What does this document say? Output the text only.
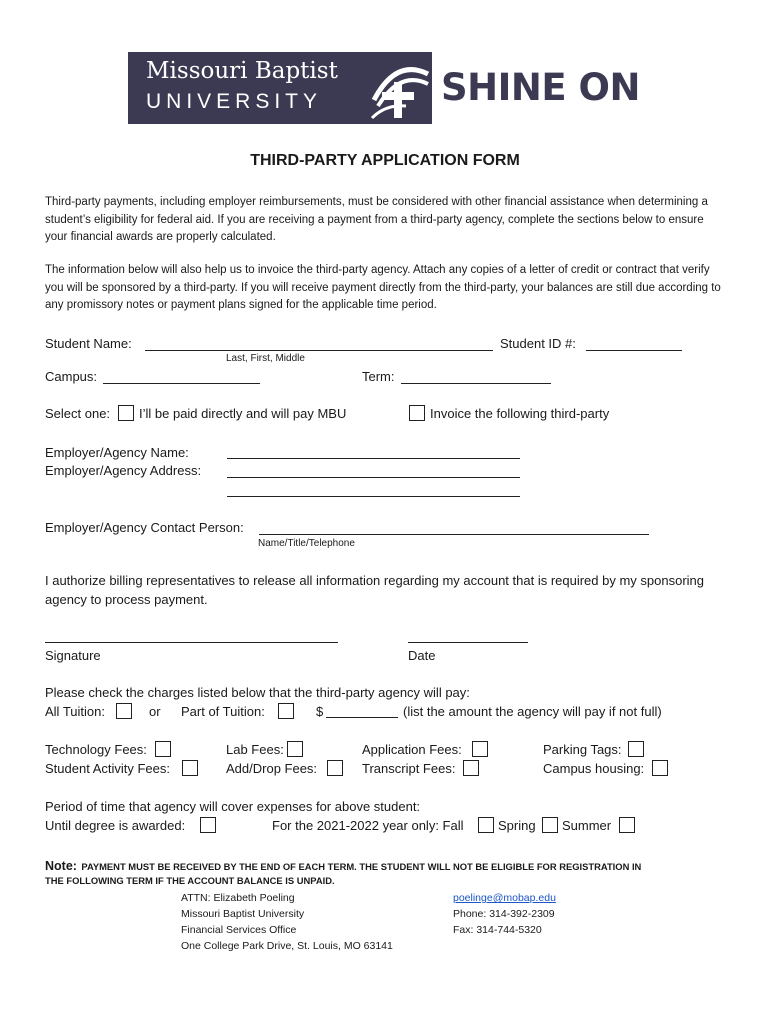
Missouri Baptist
UNIVERSITY	SHINE ON
THIRD-PARTY APPLICATION FORM
Third-party payments, including employer reimbursements, must be considered with other financial assistance when determining a student’s eligibility for federal aid. If you are receiving a payment from a third-party agency, complete the sections below to ensure your financial awards are properly calculated.
The information below will also help us to invoice the third-party agency. Attach any copies of a letter of credit or contract that verify you will be sponsored by a third-party. If you will receive payment directly from the third-party, your balances are still due according to any promissory notes or payment plans signed for the applicable time period.
Student Name:
Last, First, Middle
Student ID #:
Campus:	Term:
Select one: I’ll be paid directly and will pay MBU	Invoice the following third-party
Employer/Agency Name:
Employer/Agency Address:
Employer/Agency Contact Person:
Name/Title/Telephone
I authorize billing representatives to release all information regarding my account that is required by my sponsoring agency to process payment.
Signature	Date
Please check the charges listed below that the third-party agency will pay:
All Tuition:	or Part of Tuition:	$	(list the amount the agency will pay if not full)
Technology Fees:	Lab Fees:	Application Fees:	Parking Tags:
Student Activity Fees:	Add/Drop Fees:	Transcript Fees:	Campus housing:
Period of time that agency will cover expenses for above student:
Until degree is awarded:	For the 2021-2022 year only: Fall	Spring Summer
Note: PAYMENT MUST BE RECEIVED BY THE END OF EACH TERM. THE STUDENT WILL NOT BE ELIGIBLE FOR REGISTRATION IN
THE FOLLOWING TERM IF THE ACCOUNT BALANCE IS UNPAID.
ATTN: Elizabeth Poeling
Missouri Baptist University
Financial Services Office
One College Park Drive, St. Louis, MO 63141
poelinge@mobap.edu
Phone: 314-392-2309
Fax: 314-744-5320
